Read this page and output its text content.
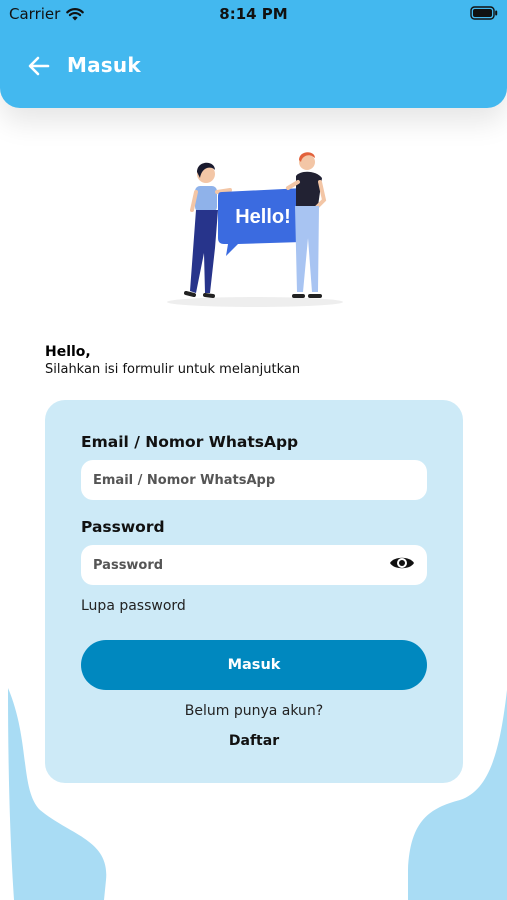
Carrier	8:14 PM
Masuk
Hello!
Hello,
Silahkan isi formulir untuk melanjutkan
Email / Nomor WhatsApp
Email / Nomor WhatsApp
Password
Lupa password
Masuk
Belum punya akun?
Daftar
